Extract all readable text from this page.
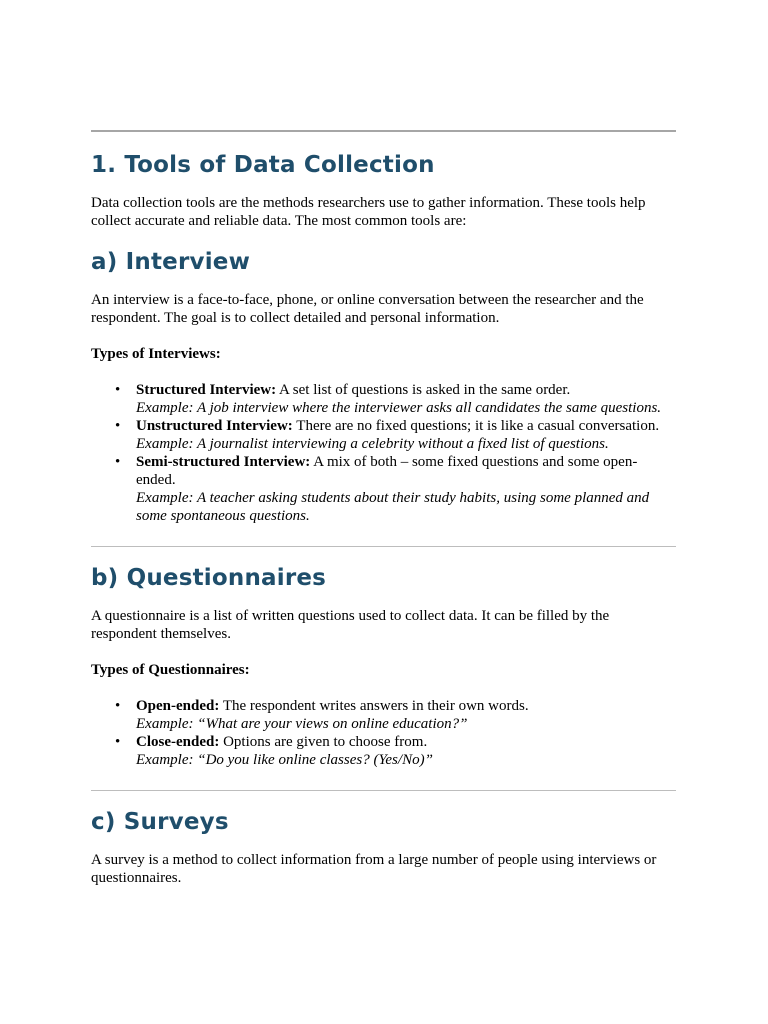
1. Tools of Data Collection

Data collection tools are the methods researchers use to gather information. These tools help collect accurate and reliable data. The most common tools are:

a) Interview

An interview is a face-to-face, phone, or online conversation between the researcher and the respondent. The goal is to collect detailed and personal information.

Types of Interviews:

• Structured Interview: A set list of questions is asked in the same order.
Example: A job interview where the interviewer asks all candidates the same questions.
• Unstructured Interview: There are no fixed questions; it is like a casual conversation.
Example: A journalist interviewing a celebrity without a fixed list of questions.
• Semi-structured Interview: A mix of both – some fixed questions and some open-ended.
Example: A teacher asking students about their study habits, using some planned and some spontaneous questions.
b) Questionnaires

A questionnaire is a list of written questions used to collect data. It can be filled by the respondent themselves.

Types of Questionnaires:

• Open-ended: The respondent writes answers in their own words.
Example: “What are your views on online education?”
• Close-ended: Options are given to choose from.
Example: “Do you like online classes? (Yes/No)”
c) Surveys

A survey is a method to collect information from a large number of people using interviews or questionnaires.
